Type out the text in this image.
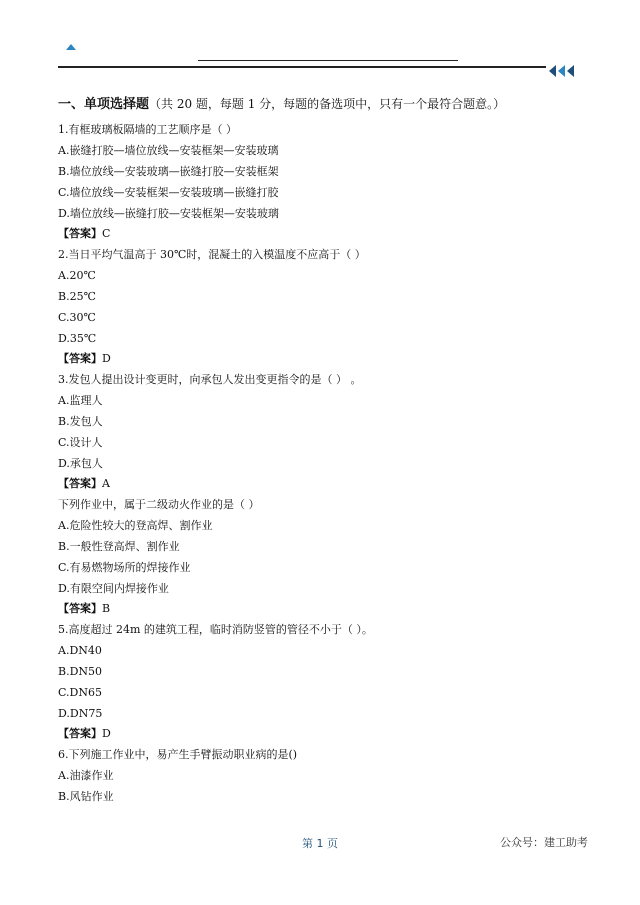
一、单项选择题（共 20 题，每题 1 分，每题的备选项中，只有一个最符合题意。）
1.有框玻璃板隔墙的工艺顺序是（ ）
A.嵌缝打胶—墙位放线—安装框架—安装玻璃
B.墙位放线—安装玻璃—嵌缝打胶—安装框架
C.墙位放线—安装框架—安装玻璃—嵌缝打胶
D.墙位放线—嵌缝打胶—安装框架—安装玻璃
【答案】C
2.当日平均气温高于 30℃时，混凝土的入模温度不应高于（ ）
A.20℃
B.25℃
C.30℃
D.35℃
【答案】D
3.发包人提出设计变更时，向承包人发出变更指令的是（ ） 。
A.监理人
B.发包人
C.设计人
D.承包人
【答案】A
下列作业中，属于二级动火作业的是（ ）
A.危险性较大的登高焊、割作业
B.一般性登高焊、割作业
C.有易燃物场所的焊接作业
D.有限空间内焊接作业
【答案】B
5.高度超过 24m 的建筑工程，临时消防竖管的管径不小于（ ）。
A.DN40
B.DN50
C.DN65
D.DN75
【答案】D
6.下列施工作业中，易产生手臂振动职业病的是()
A.油漆作业
B.风钻作业
第 1 页	公众号：建工助考
